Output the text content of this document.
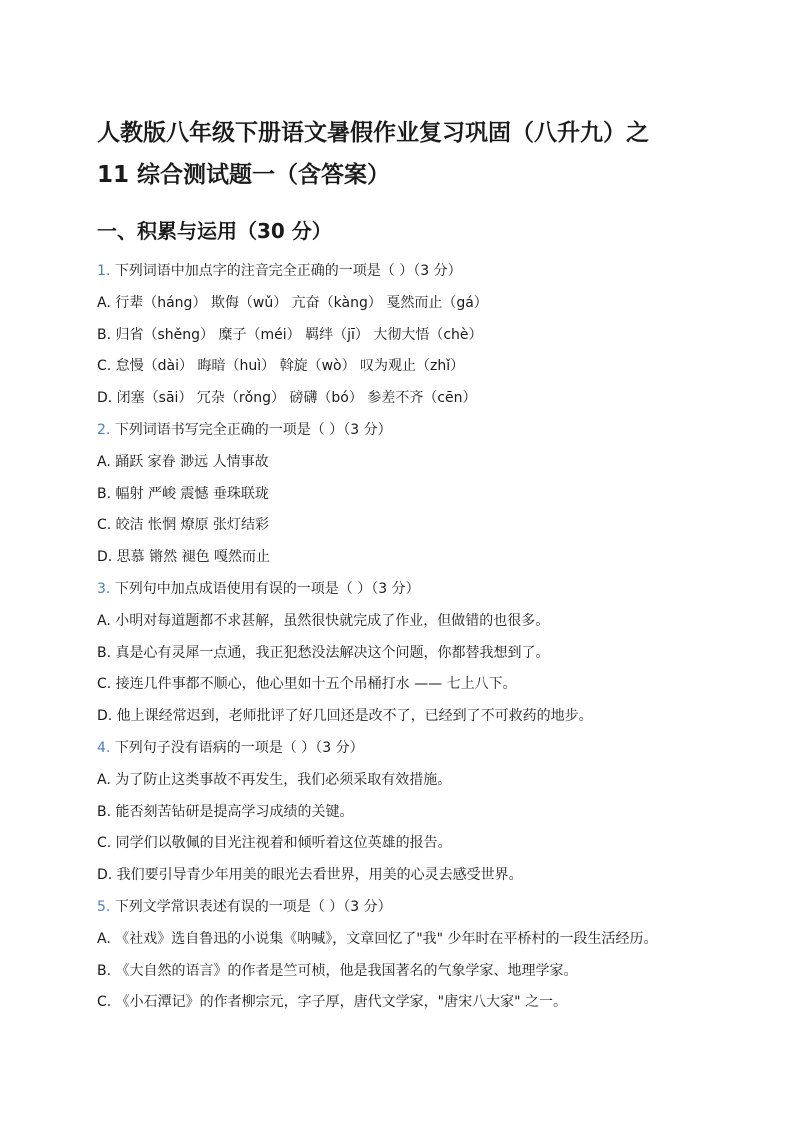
人教版八年级下册语文暑假作业复习巩固（八升九）之
11 综合测试题一（含答案）
一、积累与运用（30 分）
1. 下列词语中加点字的注音完全正确的一项是（ ）（3 分）
A. 行辈（háng） 欺侮（wǔ） 亢奋（kàng） 戛然而止（gá）
B. 归省（shěng） 糜子（méi） 羁绊（jī） 大彻大悟（chè）
C. 怠慢（dài） 晦暗（huì） 斡旋（wò） 叹为观止（zhǐ）
D. 闭塞（sāi） 冗杂（rǒng） 磅礴（bó） 参差不齐（cēn）
2. 下列词语书写完全正确的一项是（ ）（3 分）
A. 踊跃 家眷 渺远 人情事故
B. 幅射 严峻 震憾 垂珠联珑
C. 皎洁 怅惘 燎原 张灯结彩
D. 思慕 锵然 褪色 嘎然而止
3. 下列句中加点成语使用有误的一项是（ ）（3 分）
A. 小明对每道题都不求甚解，虽然很快就完成了作业，但做错的也很多。
B. 真是心有灵犀一点通，我正犯愁没法解决这个问题，你都替我想到了。
C. 接连几件事都不顺心，他心里如十五个吊桶打水 —— 七上八下。
D. 他上课经常迟到，老师批评了好几回还是改不了，已经到了不可救药的地步。
4. 下列句子没有语病的一项是（ ）（3 分）
A. 为了防止这类事故不再发生，我们必须采取有效措施。
B. 能否刻苦钻研是提高学习成绩的关键。
C. 同学们以敬佩的目光注视着和倾听着这位英雄的报告。
D. 我们要引导青少年用美的眼光去看世界，用美的心灵去感受世界。
5. 下列文学常识表述有误的一项是（ ）（3 分）
A. 《社戏》选自鲁迅的小说集《呐喊》，文章回忆了"我" 少年时在平桥村的一段生活经历。
B. 《大自然的语言》的作者是竺可桢，他是我国著名的气象学家、地理学家。
C. 《小石潭记》的作者柳宗元，字子厚，唐代文学家，"唐宋八大家" 之一。
